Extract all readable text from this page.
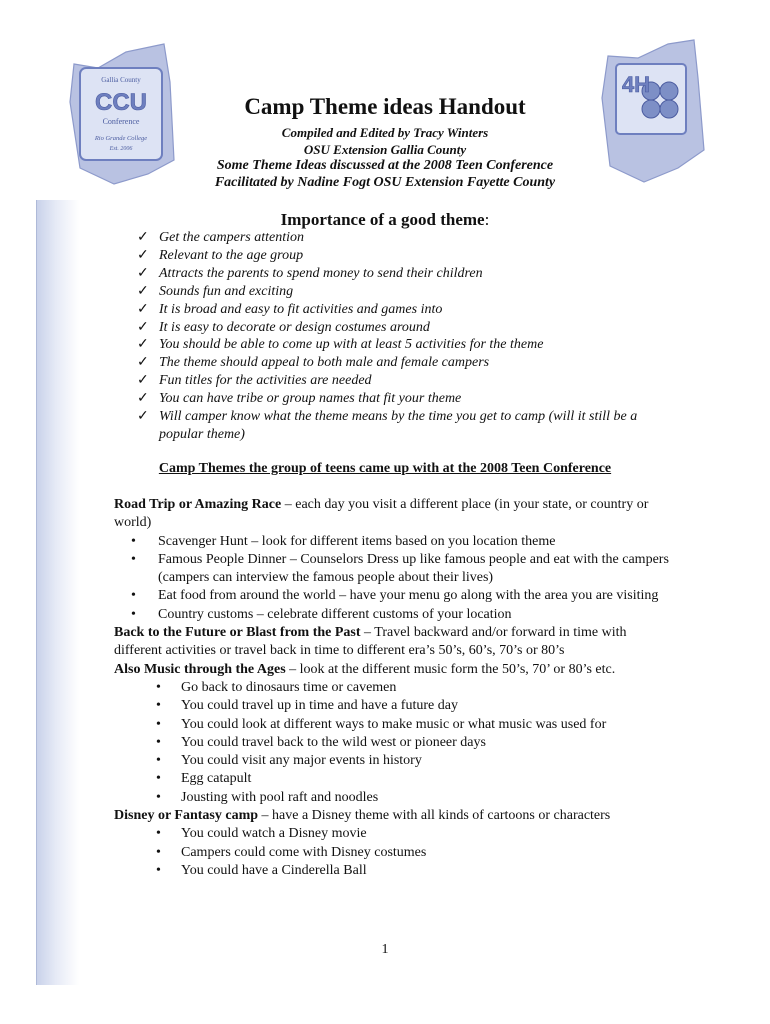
Gallia County
CCU
Conference
Rio Grande College
Est. 2006
4H
Camp Theme ideas Handout
Compiled and Edited by Tracy Winters
OSU Extension Gallia County
Some Theme Ideas discussed at the 2008 Teen Conference
Facilitated by Nadine Fogt OSU Extension Fayette County
Importance of a good theme:
✓ Get the campers attention
✓ Relevant to the age group
✓ Attracts the parents to spend money to send their children
✓ Sounds fun and exciting
✓ It is broad and easy to fit activities and games into
✓ It is easy to decorate or design costumes around
✓ You should be able to come up with at least 5 activities for the theme
✓ The theme should appeal to both male and female campers
✓ Fun titles for the activities are needed
✓ You can have tribe or group names that fit your theme
✓ Will camper know what the theme means by the time you get to camp (will it still be a popular theme)
Camp Themes the group of teens came up with at the 2008 Teen Conference
Road Trip or Amazing Race – each day you visit a different place (in your state, or country or world)
• Scavenger Hunt – look for different items based on you location theme
• Famous People Dinner – Counselors Dress up like famous people and eat with the campers (campers can interview the famous people about their lives)
• Eat food from around the world – have your menu go along with the area you are visiting
• Country customs – celebrate different customs of your location
Back to the Future or Blast from the Past – Travel backward and/or forward in time with different activities or travel back in time to different era’s 50’s, 60’s, 70’s or 80’s
Also Music through the Ages – look at the different music form the 50’s, 70’ or 80’s etc.
• Go back to dinosaurs time or cavemen
• You could travel up in time and have a future day
• You could look at different ways to make music or what music was used for
• You could travel back to the wild west or pioneer days
• You could visit any major events in history
• Egg catapult
• Jousting with pool raft and noodles
Disney or Fantasy camp – have a Disney theme with all kinds of cartoons or characters
• You could watch a Disney movie
• Campers could come with Disney costumes
• You could have a Cinderella Ball
1
